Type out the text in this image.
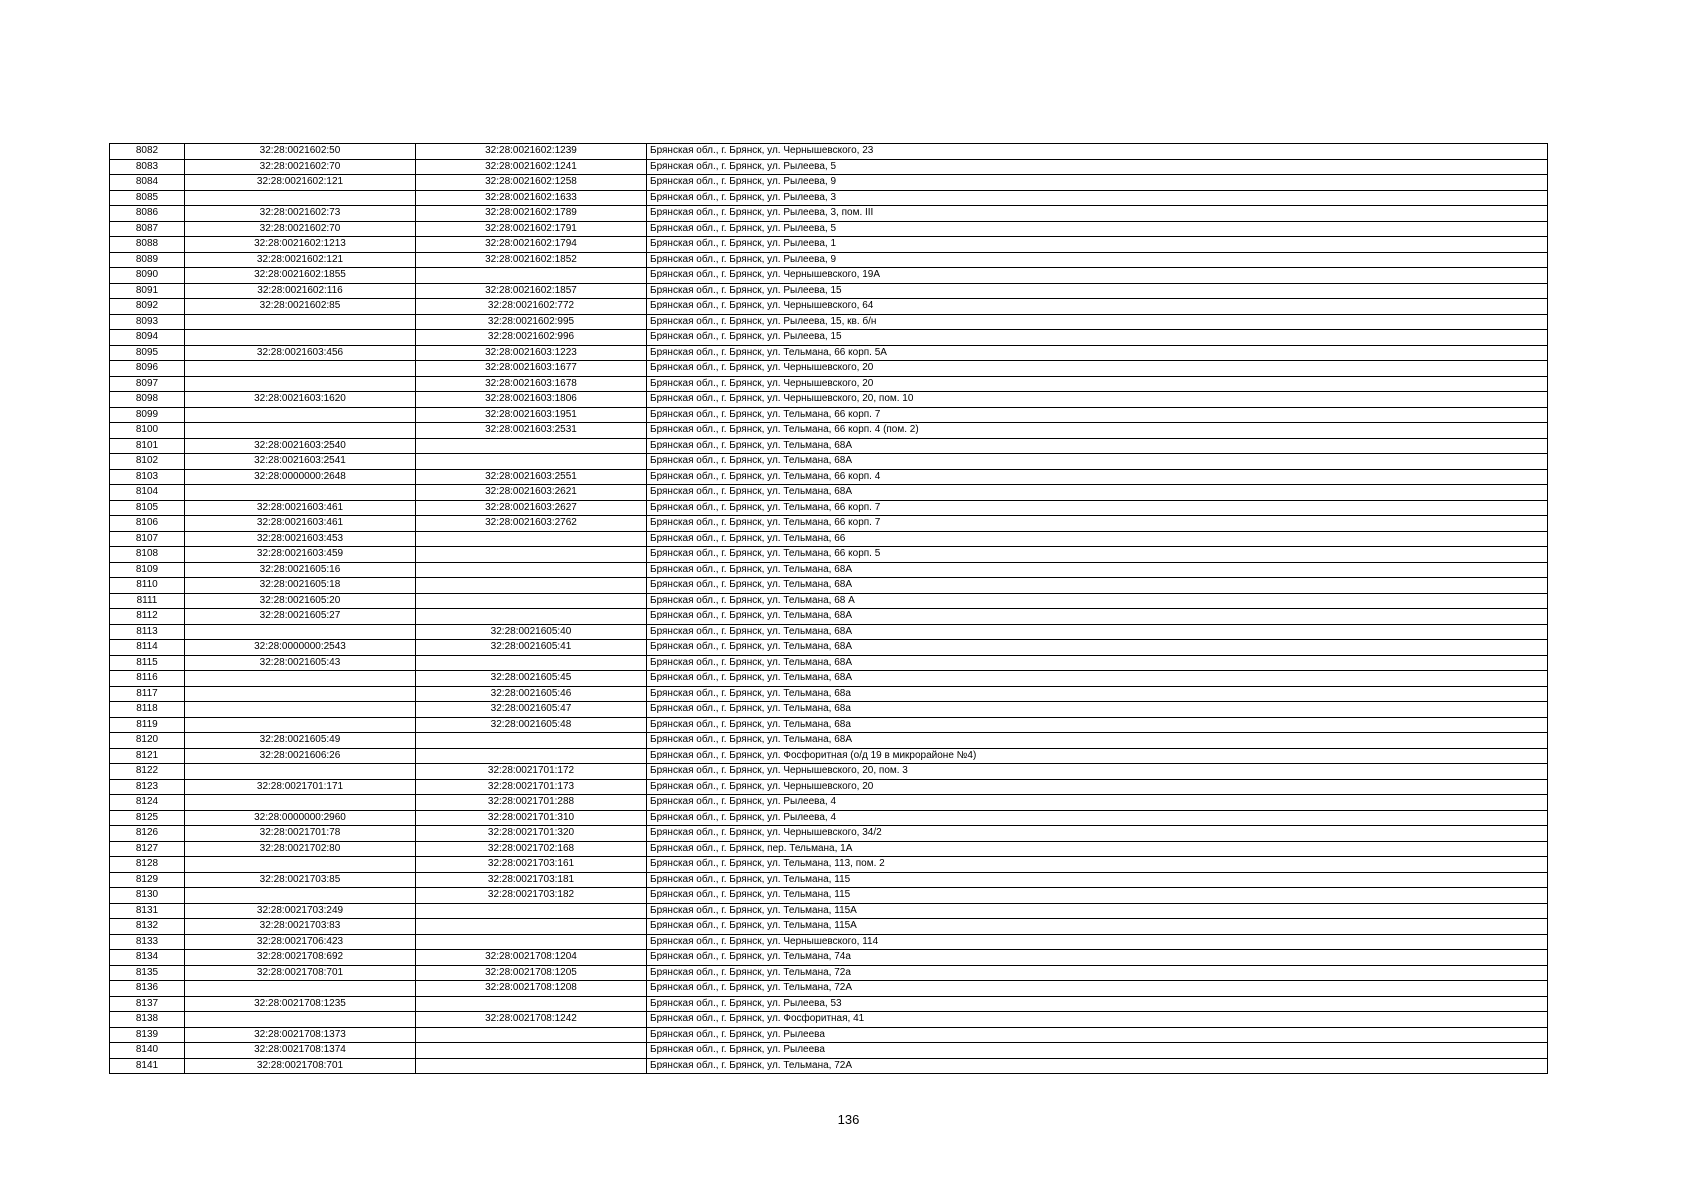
8082	32:28:0021602:50	32:28:0021602:1239	Брянская обл., г. Брянск, ул. Чернышевского, 23
8083	32:28:0021602:70	32:28:0021602:1241	Брянская обл., г. Брянск, ул. Рылеева, 5
8084	32:28:0021602:121	32:28:0021602:1258	Брянская обл., г. Брянск, ул. Рылеева, 9
8085		32:28:0021602:1633	Брянская обл., г. Брянск, ул. Рылеева, 3
8086	32:28:0021602:73	32:28:0021602:1789	Брянская обл., г. Брянск, ул. Рылеева, 3, пом. III
8087	32:28:0021602:70	32:28:0021602:1791	Брянская обл., г. Брянск, ул. Рылеева, 5
8088	32:28:0021602:1213	32:28:0021602:1794	Брянская обл., г. Брянск, ул. Рылеева, 1
8089	32:28:0021602:121	32:28:0021602:1852	Брянская обл., г. Брянск, ул. Рылеева, 9
8090	32:28:0021602:1855		Брянская обл., г. Брянск, ул. Чернышевского, 19А
8091	32:28:0021602:116	32:28:0021602:1857	Брянская обл., г. Брянск, ул. Рылеева, 15
8092	32:28:0021602:85	32:28:0021602:772	Брянская обл., г. Брянск, ул. Чернышевского, 64
8093		32:28:0021602:995	Брянская обл., г. Брянск, ул. Рылеева, 15, кв. б/н
8094		32:28:0021602:996	Брянская обл., г. Брянск, ул. Рылеева, 15
8095	32:28:0021603:456	32:28:0021603:1223	Брянская обл., г. Брянск, ул. Тельмана, 66 корп. 5А
8096		32:28:0021603:1677	Брянская обл., г. Брянск, ул. Чернышевского, 20
8097		32:28:0021603:1678	Брянская обл., г. Брянск, ул. Чернышевского, 20
8098	32:28:0021603:1620	32:28:0021603:1806	Брянская обл., г. Брянск, ул. Чернышевского, 20, пом. 10
8099		32:28:0021603:1951	Брянская обл., г. Брянск, ул. Тельмана, 66 корп. 7
8100		32:28:0021603:2531	Брянская обл., г. Брянск, ул. Тельмана, 66 корп. 4 (пом. 2)
8101	32:28:0021603:2540		Брянская обл., г. Брянск, ул. Тельмана, 68А
8102	32:28:0021603:2541		Брянская обл., г. Брянск, ул. Тельмана, 68А
8103	32:28:0000000:2648	32:28:0021603:2551	Брянская обл., г. Брянск, ул. Тельмана, 66 корп. 4
8104		32:28:0021603:2621	Брянская обл., г. Брянск, ул. Тельмана, 68А
8105	32:28:0021603:461	32:28:0021603:2627	Брянская обл., г. Брянск, ул. Тельмана, 66 корп. 7
8106	32:28:0021603:461	32:28:0021603:2762	Брянская обл., г. Брянск, ул. Тельмана, 66 корп. 7
8107	32:28:0021603:453		Брянская обл., г. Брянск, ул. Тельмана, 66
8108	32:28:0021603:459		Брянская обл., г. Брянск, ул. Тельмана, 66 корп. 5
8109	32:28:0021605:16		Брянская обл., г. Брянск, ул. Тельмана, 68А
8110	32:28:0021605:18		Брянская обл., г. Брянск, ул. Тельмана, 68А
8111	32:28:0021605:20		Брянская обл., г. Брянск, ул. Тельмана, 68 А
8112	32:28:0021605:27		Брянская обл., г. Брянск, ул. Тельмана, 68А
8113		32:28:0021605:40	Брянская обл., г. Брянск, ул. Тельмана, 68А
8114	32:28:0000000:2543	32:28:0021605:41	Брянская обл., г. Брянск, ул. Тельмана, 68А
8115	32:28:0021605:43		Брянская обл., г. Брянск, ул. Тельмана, 68А
8116		32:28:0021605:45	Брянская обл., г. Брянск, ул. Тельмана, 68А
8117		32:28:0021605:46	Брянская обл., г. Брянск, ул. Тельмана, 68а
8118		32:28:0021605:47	Брянская обл., г. Брянск, ул. Тельмана, 68а
8119		32:28:0021605:48	Брянская обл., г. Брянск, ул. Тельмана, 68а
8120	32:28:0021605:49		Брянская обл., г. Брянск, ул. Тельмана, 68А
8121	32:28:0021606:26		Брянская обл., г. Брянск, ул. Фосфоритная (о/д 19 в микрорайоне №4)
8122		32:28:0021701:172	Брянская обл., г. Брянск, ул. Чернышевского, 20, пом. 3
8123	32:28:0021701:171	32:28:0021701:173	Брянская обл., г. Брянск, ул. Чернышевского, 20
8124		32:28:0021701:288	Брянская обл., г. Брянск, ул. Рылеева, 4
8125	32:28:0000000:2960	32:28:0021701:310	Брянская обл., г. Брянск, ул. Рылеева, 4
8126	32:28:0021701:78	32:28:0021701:320	Брянская обл., г. Брянск, ул. Чернышевского, 34/2
8127	32:28:0021702:80	32:28:0021702:168	Брянская обл., г. Брянск, пер. Тельмана, 1А
8128		32:28:0021703:161	Брянская обл., г. Брянск, ул. Тельмана, 113, пом. 2
8129	32:28:0021703:85	32:28:0021703:181	Брянская обл., г. Брянск, ул. Тельмана, 115
8130		32:28:0021703:182	Брянская обл., г. Брянск, ул. Тельмана, 115
8131	32:28:0021703:249		Брянская обл., г. Брянск, ул. Тельмана, 115А
8132	32:28:0021703:83		Брянская обл., г. Брянск, ул. Тельмана, 115А
8133	32:28:0021706:423		Брянская обл., г. Брянск, ул. Чернышевского, 114
8134	32:28:0021708:692	32:28:0021708:1204	Брянская обл., г. Брянск, ул. Тельмана, 74а
8135	32:28:0021708:701	32:28:0021708:1205	Брянская обл., г. Брянск, ул. Тельмана, 72а
8136		32:28:0021708:1208	Брянская обл., г. Брянск, ул. Тельмана, 72А
8137	32:28:0021708:1235		Брянская обл., г. Брянск, ул. Рылеева, 53
8138		32:28:0021708:1242	Брянская обл., г. Брянск, ул. Фосфоритная, 41
8139	32:28:0021708:1373		Брянская обл., г. Брянск, ул. Рылеева
8140	32:28:0021708:1374		Брянская обл., г. Брянск, ул. Рылеева
8141	32:28:0021708:701		Брянская обл., г. Брянск, ул. Тельмана, 72А
136
